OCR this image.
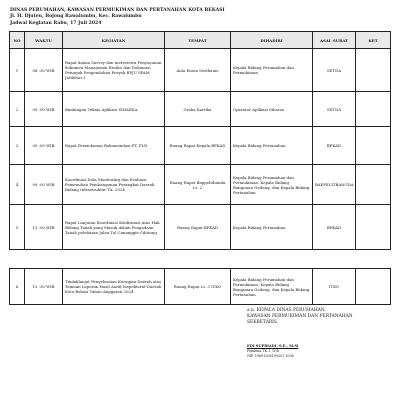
DINAS PERUMAHAN, KAWASAN PERMUKIMAN DAN PERTANAHAN KOTA BEKASI
Jl. H. Djuteu, Bojong Rawalumbu, Kec. Rawalumbu
Jadwal Kegiatan Rabu, 17 Juli 2024
NO	WAKTU	KEGIATAN	TEMPAT	DIHADIRI	ASAL SURAT	KET
1	08 :30 WIB	Rapat dalam Survey dan mereviewa Penyusunan dokumen Manajemen Resiko dan Dokumen Petunjuk Pengendalian Proyek RPJU SPAM Jatiluhur I	Aula Room Sesthanie	Kepala Bidang Perumahan dan Permukiman	SETDA	
2	09 :00 WIB	Bimbingan Teknis Aplikasi SIHARSA	Graha Kartika	Operator Aplikasi Siharsa	SETDA	
3	09 :00 WIB	Rapat Permohonan Rekomendasi PT. PLN	Ruang Rapat Kepala BPKAD	Kepala Bidang Pertanahan	BPKAD	
4	09 :00 WIB	Koordinasi Data Monitoring dan Evaluasi Pemenuhan Pembangunan Perangkat Daerah Bidang Infrastruktur TA. 2024	Ruang Rapat Bappelitbanda Lt. 2	Kepala Bidang Perumahan dan Permukiman, Kepala Bidang Bangunan Gedung, dan Kepala Bidang Pertanahan	BAPPELITBANGDA	
5	13 :00 WIB	Rapat Lanjutan Koordinasi Konfirmasi Atas Hak Bidang Tanah yang Masuk dalam Pengadaan Tanah pelebaran Jalan Tol Cimanggis-Cibitung	Ruang Rapat BPKAD	Kepala Bidang Pertanahan	BPKAD	
6	13 :30 WIB	Tindaklanjut Penyelesaian Kerugian Daerah atas Temuan Laporan Hasil Audit Inspektorat Daerah Kota Bekasi Tahun Anggaran 2024	Ruang Rapat Lt. 3 ITKO	Kepala Bidang Perumahan dan Permukiman, Kepala Bidang Bangunan Gedung, dan Kepala Bidang Pertanahan	ITKO	
a.n. KEPALA DINAS PERUMAHAN,
KAWASAN PERMUKIMAN DAN PERTANAHAN
SEKRETARIS,
EDI SUPRIADI, S.E., M.Si
Pembina TK.1, IV/b
NIP. 19691206199301 1006
